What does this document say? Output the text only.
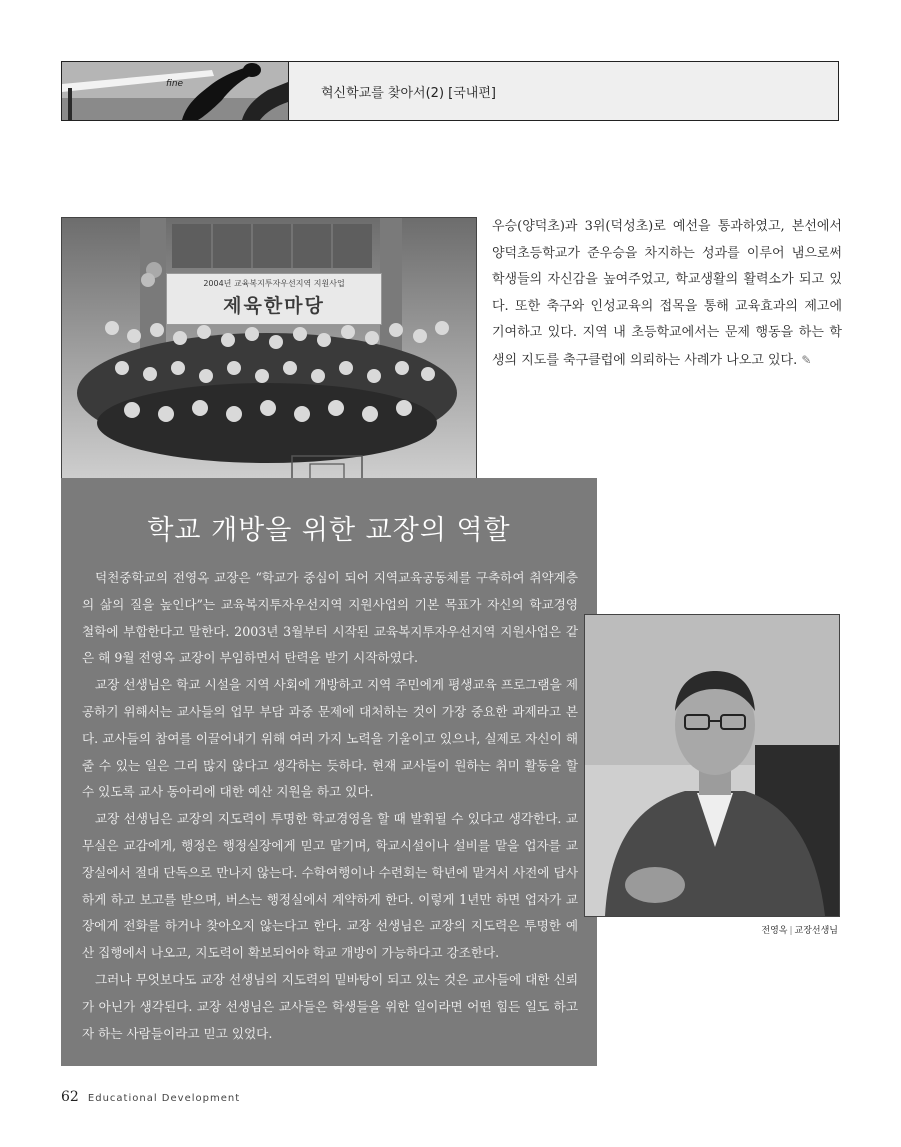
fine
혁신학교를 찾아서(2) [국내편]
2004년 교육복지투자우선지역 지원사업
제육한마당
우승(양덕초)과 3위(덕성초)로 예선을 통과하였고, 본선에서 양덕초등학교가 준우승을 차지하는 성과를 이루어 냄으로써 학생들의 자신감을 높여주었고, 학교생활의 활력소가 되고 있다. 또한 축구와 인성교육의 접목을 통해 교육효과의 제고에 기여하고 있다. 지역 내 초등학교에서는 문제 행동을 하는 학생의 지도를 축구클럽에 의뢰하는 사례가 나오고 있다. ✎
학교 개방을 위한 교장의 역할

덕천중학교의 전영옥 교장은 “학교가 중심이 되어 지역교육공동체를 구축하여 취약계층의 삶의 질을 높인다”는 교육복지투자우선지역 지원사업의 기본 목표가 자신의 학교경영 철학에 부합한다고 말한다. 2003년 3월부터 시작된 교육복지투자우선지역 지원사업은 같은 해 9월 전영옥 교장이 부임하면서 탄력을 받기 시작하였다.

교장 선생님은 학교 시설을 지역 사회에 개방하고 지역 주민에게 평생교육 프로그램을 제공하기 위해서는 교사들의 업무 부담 과중 문제에 대처하는 것이 가장 중요한 과제라고 본다. 교사들의 참여를 이끌어내기 위해 여러 가지 노력을 기울이고 있으나, 실제로 자신이 해줄 수 있는 일은 그리 많지 않다고 생각하는 듯하다. 현재 교사들이 원하는 취미 활동을 할 수 있도록 교사 동아리에 대한 예산 지원을 하고 있다.

교장 선생님은 교장의 지도력이 투명한 학교경영을 할 때 발휘될 수 있다고 생각한다. 교무실은 교감에게, 행정은 행정실장에게 믿고 맡기며, 학교시설이나 설비를 맡을 업자를 교장실에서 절대 단독으로 만나지 않는다. 수학여행이나 수련회는 학년에 맡겨서 사전에 답사하게 하고 보고를 받으며, 버스는 행정실에서 계약하게 한다. 이렇게 1년만 하면 업자가 교장에게 전화를 하거나 찾아오지 않는다고 한다. 교장 선생님은 교장의 지도력은 투명한 예산 집행에서 나오고, 지도력이 확보되어야 학교 개방이 가능하다고 강조한다.

그러나 무엇보다도 교장 선생님의 지도력의 밑바탕이 되고 있는 것은 교사들에 대한 신뢰가 아닌가 생각된다. 교장 선생님은 교사들은 학생들을 위한 일이라면 어떤 힘든 일도 하고자 하는 사람들이라고 믿고 있었다.

전영옥 | 교장선생님
62 Educational Development
